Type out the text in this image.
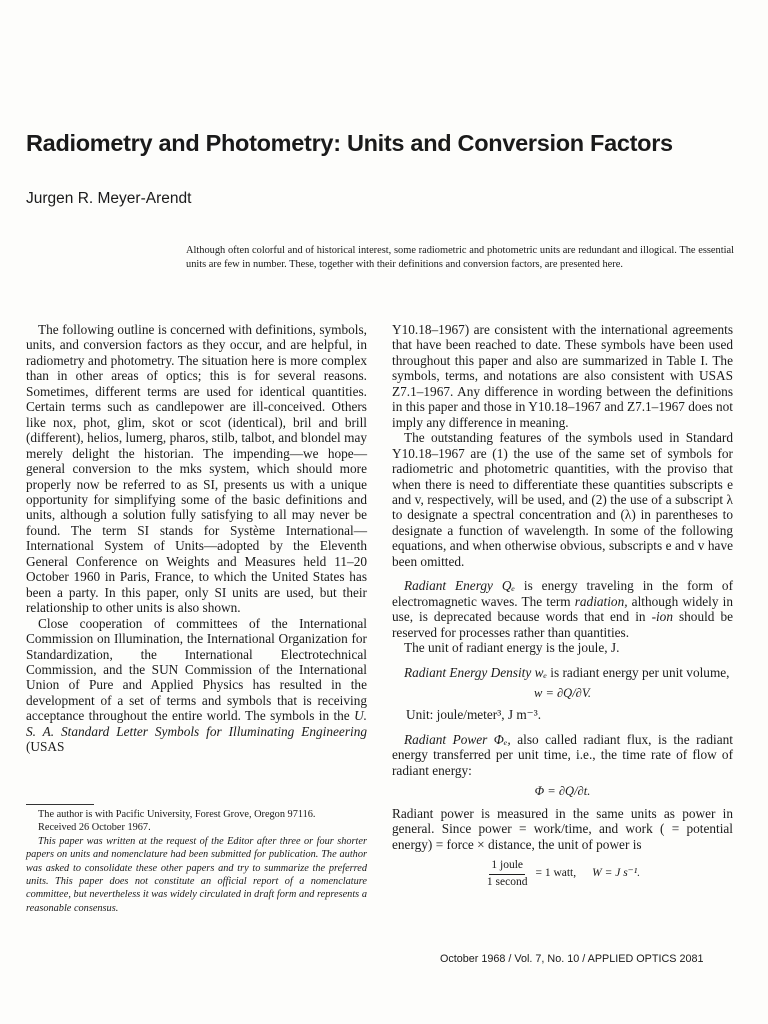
Radiometry and Photometry: Units and Conversion Factors
Jurgen R. Meyer-Arendt
Although often colorful and of historical interest, some radiometric and photometric units are redundant and illogical. The essential units are few in number. These, together with their definitions and conversion factors, are presented here.

The following outline is concerned with definitions, symbols, units, and conversion factors as they occur, and are helpful, in radiometry and photometry. The situation here is more complex than in other areas of optics; this is for several reasons. Sometimes, different terms are used for identical quantities. Certain terms such as candlepower are ill-conceived. Others like nox, phot, glim, skot or scot (identical), bril and brill (different), helios, lumerg, pharos, stilb, talbot, and blondel may merely delight the historian. The impending—we hope—general conversion to the mks system, which should more properly now be referred to as SI, presents us with a unique opportunity for simplifying some of the basic definitions and units, although a solution fully satisfying to all may never be found. The term SI stands for Système International—International System of Units—adopted by the Eleventh General Conference on Weights and Measures held 11–20 October 1960 in Paris, France, to which the United States has been a party. In this paper, only SI units are used, but their relationship to other units is also shown.

Close cooperation of committees of the International Commission on Illumination, the International Organization for Standardization, the International Electrotechnical Commission, and the SUN Commission of the International Union of Pure and Applied Physics has resulted in the development of a set of terms and symbols that is receiving acceptance throughout the entire world. The symbols in the U. S. A. Standard Letter Symbols for Illuminating Engineering (USAS

The author is with Pacific University, Forest Grove, Oregon 97116.

Received 26 October 1967.

This paper was written at the request of the Editor after three or four shorter papers on units and nomenclature had been submitted for publication. The author was asked to consolidate these other papers and try to summarize the preferred units. This paper does not constitute an official report of a nomenclature committee, but nevertheless it was widely circulated in draft form and represents a reasonable consensus.

Y10.18–1967) are consistent with the international agreements that have been reached to date. These symbols have been used throughout this paper and also are summarized in Table I. The symbols, terms, and notations are also consistent with USAS Z7.1–1967. Any difference in wording between the definitions in this paper and those in Y10.18–1967 and Z7.1–1967 does not imply any difference in meaning.

The outstanding features of the symbols used in Standard Y10.18–1967 are (1) the use of the same set of symbols for radiometric and photometric quantities, with the proviso that when there is need to differentiate these quantities subscripts e and v, respectively, will be used, and (2) the use of a subscript λ to designate a spectral concentration and (λ) in parentheses to designate a function of wavelength. In some of the following equations, and when otherwise obvious, subscripts e and v have been omitted.

Radiant Energy Qₑ is energy traveling in the form of electromagnetic waves. The term radiation, although widely in use, is deprecated because words that end in -ion should be reserved for processes rather than quantities.

The unit of radiant energy is the joule, J.

Radiant Energy Density wₑ is radiant energy per unit volume,

w = ∂Q/∂V.
Unit: joule/meter³, J m⁻³.

Radiant Power Φₑ, also called radiant flux, is the radiant energy transferred per unit time, i.e., the time rate of flow of radiant energy:

Φ = ∂Q/∂t.

Radiant power is measured in the same units as power in general. Since power = work/time, and work ( = potential energy) = force × distance, the unit of power is

$\frac{\text{1 joule}}{\text{1 second}} = 1$ watt, W = J s⁻¹.
October 1968 / Vol. 7, No. 10 / APPLIED OPTICS 2081
